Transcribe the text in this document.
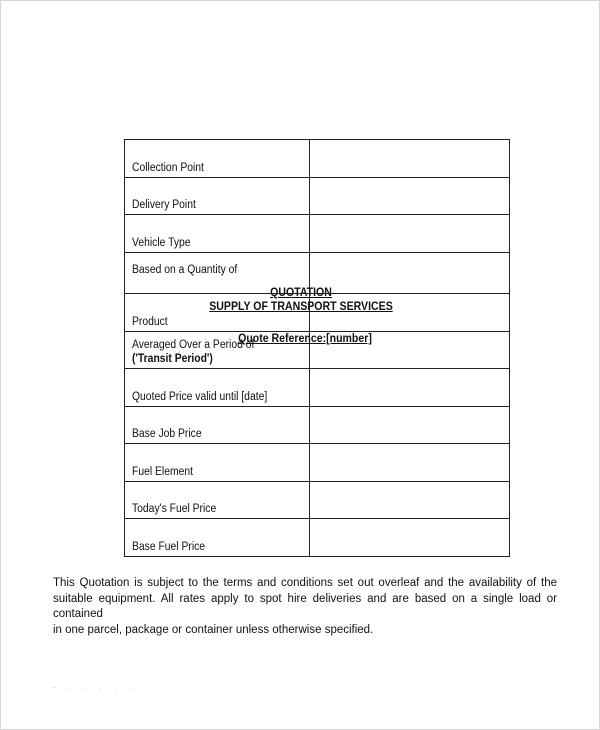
QUOTATION
SUPPLY OF TRANSPORT SERVICES
Quote Reference:[number]
Collection Point	
Delivery Point	
Vehicle Type	
Based on a Quantity of	
Product	
Averaged Over a Period of
('Transit Period')	
Quoted Price valid until [date]	
Base Job Price	
Fuel Element	
Today's Fuel Price	
Base Fuel Price	
This Quotation is subject to the terms and conditions set out overleaf and the availability of the
suitable equipment. All rates apply to spot hire deliveries and are based on a single load or contained
in one parcel, package or container unless otherwise specified.
- . . . . .
